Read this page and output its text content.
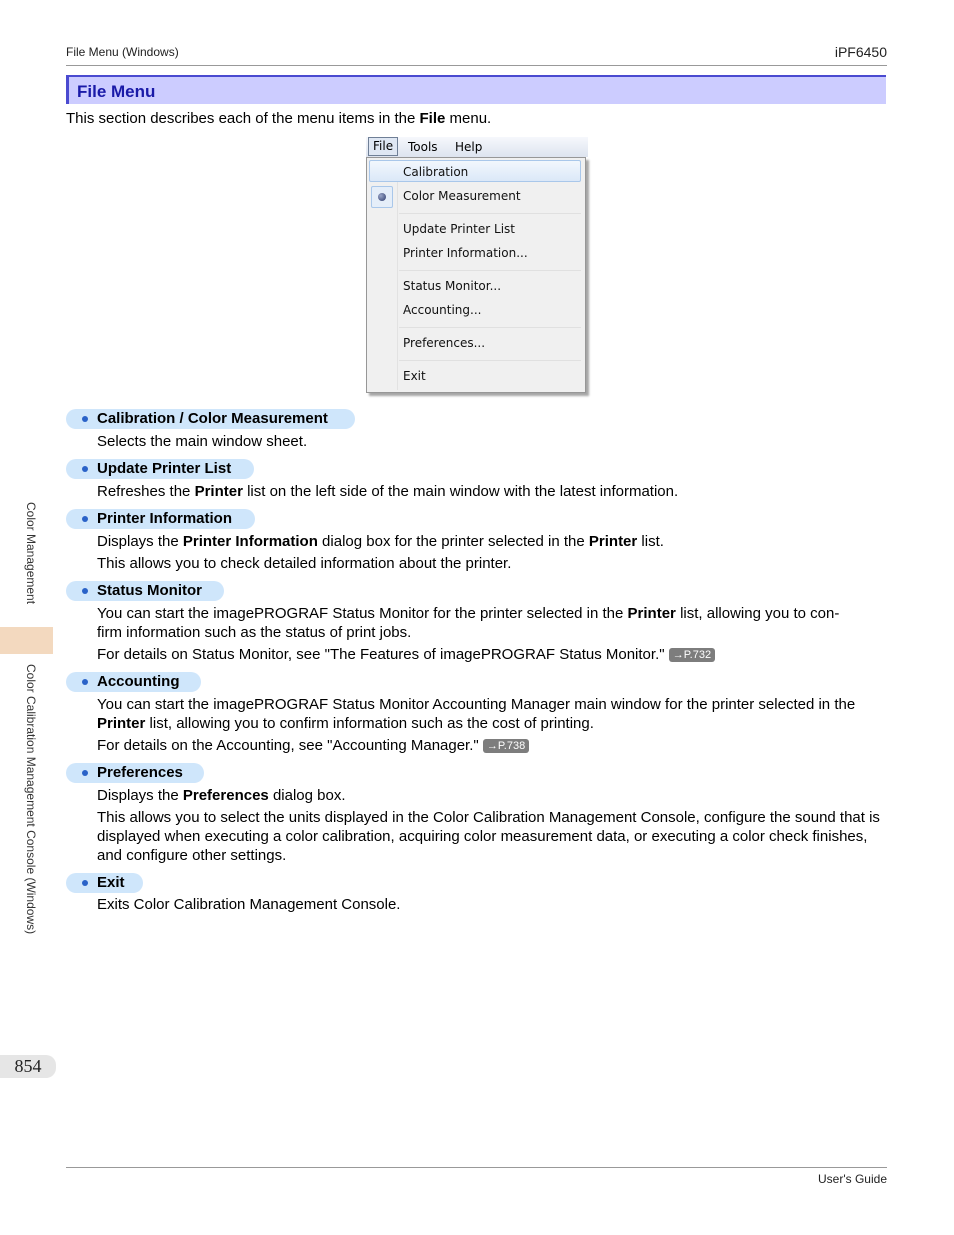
File Menu (Windows)	iPF6450
File Menu
This section describes each of the menu items in the File menu.
File	Tools	Help
Calibration
Color Measurement
Update Printer List
Printer Information...
Status Monitor...
Accounting...
Preferences...
Exit
Calibration / Color Measurement
Selects the main window sheet.
Update Printer List
Refreshes the Printer list on the left side of the main window with the latest information.
Printer Information
Displays the Printer Information dialog box for the printer selected in the Printer list.
This allows you to check detailed information about the printer.
Status Monitor
You can start the imagePROGRAF Status Monitor for the printer selected in the Printer list, allowing you to con-
firm information such as the status of print jobs.
For details on Status Monitor, see "The Features of imagePROGRAF Status Monitor." →P.732
Accounting
You can start the imagePROGRAF Status Monitor Accounting Manager main window for the printer selected in the
Printer list, allowing you to confirm information such as the cost of printing.
For details on the Accounting, see "Accounting Manager." →P.738
Preferences
Displays the Preferences dialog box.
This allows you to select the units displayed in the Color Calibration Management Console, configure the sound that is displayed when executing a color calibration, acquiring color measurement data, or executing a color check finishes, and configure other settings.
Exit
Exits Color Calibration Management Console.
Color Management
Color Calibration Management Console (Windows)
854
User's Guide
